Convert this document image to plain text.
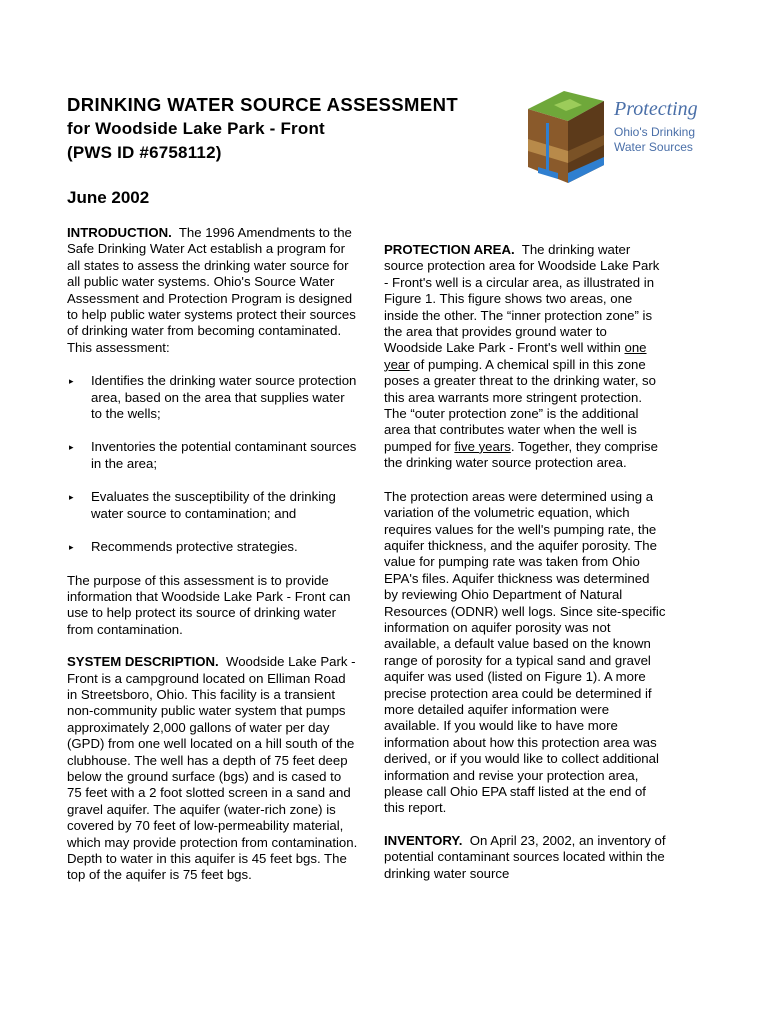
DRINKING WATER SOURCE ASSESSMENT
for Woodside Lake Park - Front
(PWS ID #6758112)
June 2002
Protecting
Ohio's Drinking
Water Sources

INTRODUCTION. The 1996 Amendments to the Safe Drinking Water Act establish a program for all states to assess the drinking water source for all public water systems. Ohio's Source Water Assessment and Protection Program is designed to help public water systems protect their sources of drinking water from becoming contaminated. This assessment:

▸ Identifies the drinking water source protection area, based on the area that supplies water to the wells;
▸ Inventories the potential contaminant sources in the area;
▸ Evaluates the susceptibility of the drinking water source to contamination; and
▸ Recommends protective strategies.

The purpose of this assessment is to provide information that Woodside Lake Park - Front can use to help protect its source of drinking water from contamination.

SYSTEM DESCRIPTION. Woodside Lake Park - Front is a campground located on Elliman Road in Streetsboro, Ohio. This facility is a transient non-community public water system that pumps approximately 2,000 gallons of water per day (GPD) from one well located on a hill south of the clubhouse. The well has a depth of 75 feet deep below the ground surface (bgs) and is cased to 75 feet with a 2 foot slotted screen in a sand and gravel aquifer. The aquifer (water-rich zone) is covered by 70 feet of low-permeability material, which may provide protection from contamination. Depth to water in this aquifer is 45 feet bgs. The top of the aquifer is 75 feet bgs.

PROTECTION AREA. The drinking water source protection area for Woodside Lake Park - Front's well is a circular area, as illustrated in Figure 1. This figure shows two areas, one inside the other. The “inner protection zone” is the area that provides ground water to Woodside Lake Park - Front's well within one year of pumping. A chemical spill in this zone poses a greater threat to the drinking water, so this area warrants more stringent protection. The “outer protection zone” is the additional area that contributes water when the well is pumped for five years. Together, they comprise the drinking water source protection area.

The protection areas were determined using a variation of the volumetric equation, which requires values for the well's pumping rate, the aquifer thickness, and the aquifer porosity. The value for pumping rate was taken from Ohio EPA's files. Aquifer thickness was determined by reviewing Ohio Department of Natural Resources (ODNR) well logs. Since site-specific information on aquifer porosity was not available, a default value based on the known range of porosity for a typical sand and gravel aquifer was used (listed on Figure 1). A more precise protection area could be determined if more detailed aquifer information were available. If you would like to have more information about how this protection area was derived, or if you would like to collect additional information and revise your protection area, please call Ohio EPA staff listed at the end of this report.

INVENTORY. On April 23, 2002, an inventory of potential contaminant sources located within the drinking water source
